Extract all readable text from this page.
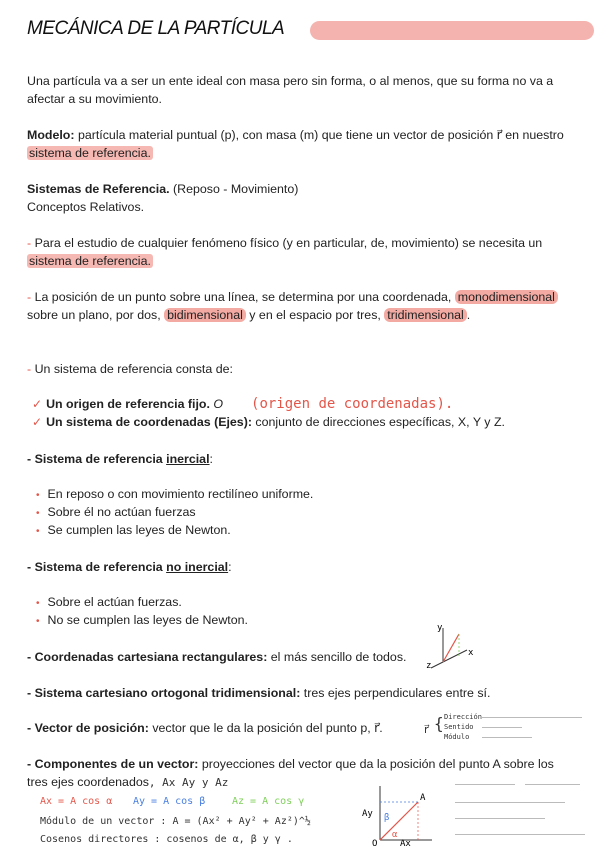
MECÁNICA DE LA PARTÍCULA
Una partícula va a ser un ente ideal con masa pero sin forma, o al menos, que su forma no va a afectar a su movimiento.
Modelo: partícula material puntual (p), con masa (m) que tiene un vector de posición r⃗ en nuestro sistema de referencia.
Sistemas de Referencia. (Reposo - Movimiento)
Conceptos Relativos.
- Para el estudio de cualquier fenómeno físico (y en particular, de, movimiento) se necesita un sistema de referencia.
- La posición de un punto sobre una línea, se determina por una coordenada, monodimensional sobre un plano, por dos, bidimensional y en el espacio por tres, tridimensional .
- Un sistema de referencia consta de:
✓ Un origen de referencia fijo. O (origen de coordenadas).
✓ Un sistema de coordenadas (Ejes): conjunto de direcciones específicas, X, Y y Z.
- Sistema de referencia inercial:
• En reposo o con movimiento rectilíneo uniforme.
• Sobre él no actúan fuerzas
• Se cumplen las leyes de Newton.
- Sistema de referencia no inercial:
• Sobre el actúan fuerzas.
• No se cumplen las leyes de Newton.
- Coordenadas cartesiana rectangulares: el más sencillo de todos.
y
x
z
- Sistema cartesiano ortogonal tridimensional: tres ejes perpendiculares entre sí.
- Vector de posición: vector que le da la posición del punto p, r⃗.	r⃗ { Dirección
Sentido
Módulo
- Componentes de un vector: proyecciones del vector que da la posición del punto A sobre los tres ejes coordenados, Ax Ay y Az
Ax = A cos α Ay = A cos β	Az = A cos γ
Módulo de un vector : A = (Ax² + Ay² + Az²)^½
Cosenos directores : cosenos de α, β y γ .
Ay
Ax
A
β
α
O
